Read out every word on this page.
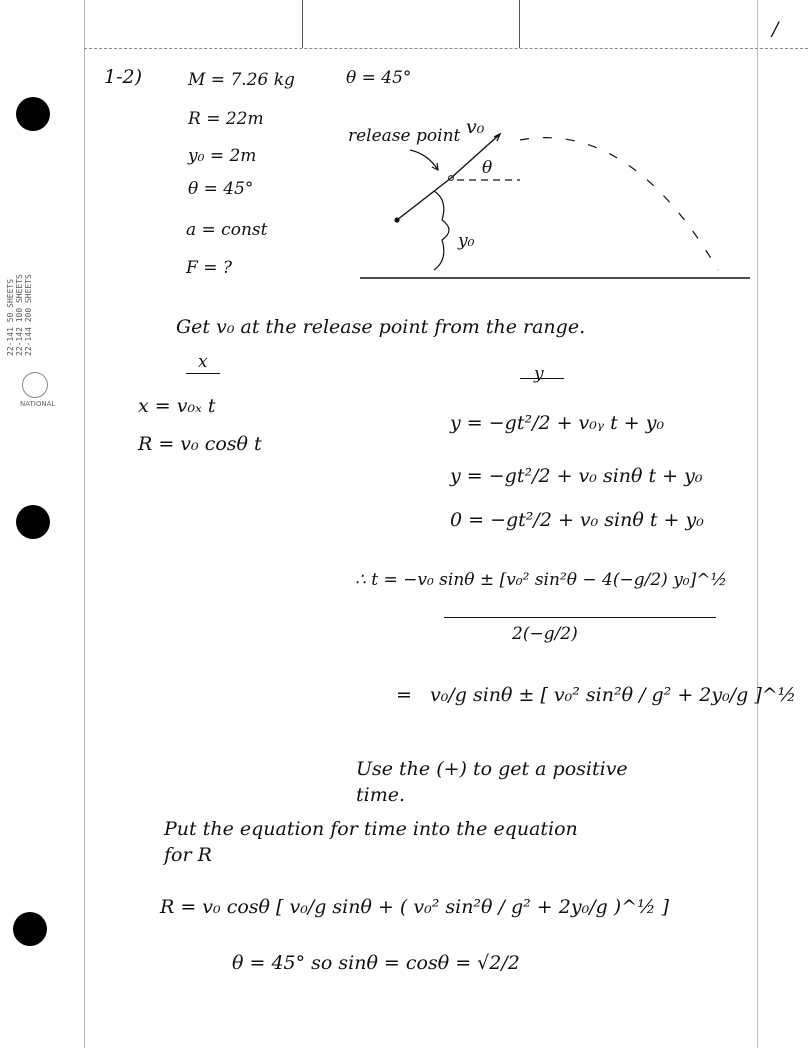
/
22-141 50 SHEETS 22-142 100 SHEETS 22-144 200 SHEETS
NATIONAL
1-2)	M = 7.26 kg	θ = 45°
R = 22m
y₀ = 2m
θ = 45°
a = const
F = ?
release point v₀
θ
y₀
Get v₀ at the release point from the range.
x
y
x = v₀ₓ t
R = v₀ cosθ t
y = −gt²/2 + v₀ᵧ t + y₀
y = −gt²/2 + v₀ sinθ t + y₀
0 = −gt²/2 + v₀ sinθ t + y₀
∴ t = −v₀ sinθ ± [v₀² sin²θ − 4(−g/2) y₀]^½
2(−g/2)
= v₀/g sinθ ± [ v₀² sin²θ / g² + 2y₀/g ]^½
Use the (+) to get a positive
time.
Put the equation for time into the equation
for R
R = v₀ cosθ [ v₀/g sinθ + ( v₀² sin²θ / g² + 2y₀/g )^½ ]
θ = 45° so sinθ = cosθ = √2/2
